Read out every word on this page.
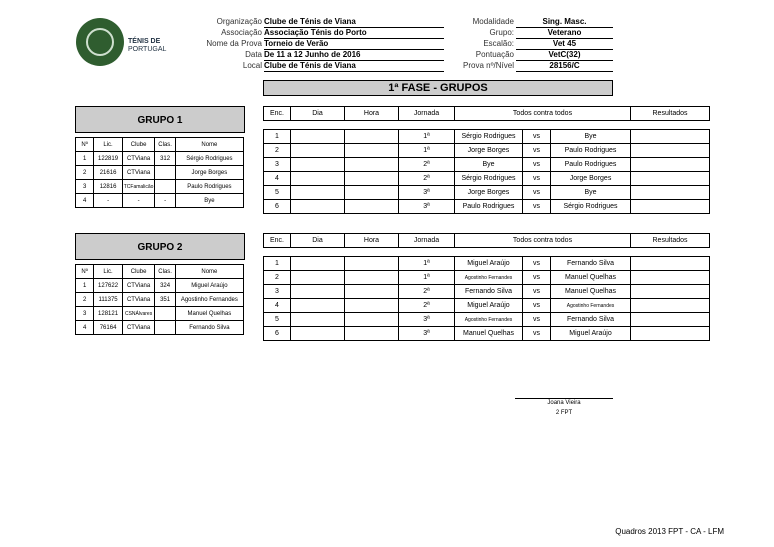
TÉNIS DE
PORTUGAL
Organização Clube de Ténis de Viana
Associação Associação Ténis do Porto
Nome da Prova Torneio de Verão
Data De 11 a 12 Junho de 2016
Local Clube de Ténis de Viana
Modalidade	Sing. Masc.
Grupo:	Veterano
Escalão:	Vet 45
Pontuação	VetC(32)
Prova nº/Nível	28156/C
1ª FASE - GRUPOS
GRUPO 1

Nº	Lic.	Clube	Clas.	Nome
1	122819	CTViana	312	Sérgio Rodrigues
2	21616	CTViana		Jorge Borges
3	12816	TCFamalicão		Paulo Rodrigues
4	-	-	-	Bye
Enc.	Dia	Hora	Jornada	Todos contra todos			Resultados

1			1ª	Sérgio Rodrigues	vs	Bye	
2			1ª	Jorge Borges	vs	Paulo Rodrigues	
3			2ª	Bye	vs	Paulo Rodrigues	
4			2ª	Sérgio Rodrigues	vs	Jorge Borges	
5			3ª	Jorge Borges	vs	Bye	
6			3ª	Paulo Rodrigues	vs	Sérgio Rodrigues	
GRUPO 2

Nº	Lic.	Clube	Clas.	Nome
1	127622	CTViana	324	Miguel Araújo
2	111375	CTViana	351	Agostinho Fernandes
3	128121	CSNÁlvares		Manuel Quelhas
4	76164	CTViana		Fernando Silva
Enc.	Dia	Hora	Jornada	Todos contra todos			Resultados

1			1ª	Miguel Araújo	vs	Fernando Silva	
2			1ª	Agostinho Fernandes	vs	Manuel Quelhas	
3			2ª	Fernando Silva	vs	Manuel Quelhas	
4			2ª	Miguel Araújo	vs	Agostinho Fernandes	
5			3ª	Agostinho Fernandes	vs	Fernando Silva	
6			3ª	Manuel Quelhas	vs	Miguel Araújo	
Joana Vieira
2 FPT
Quadros 2013 FPT - CA - LFM
